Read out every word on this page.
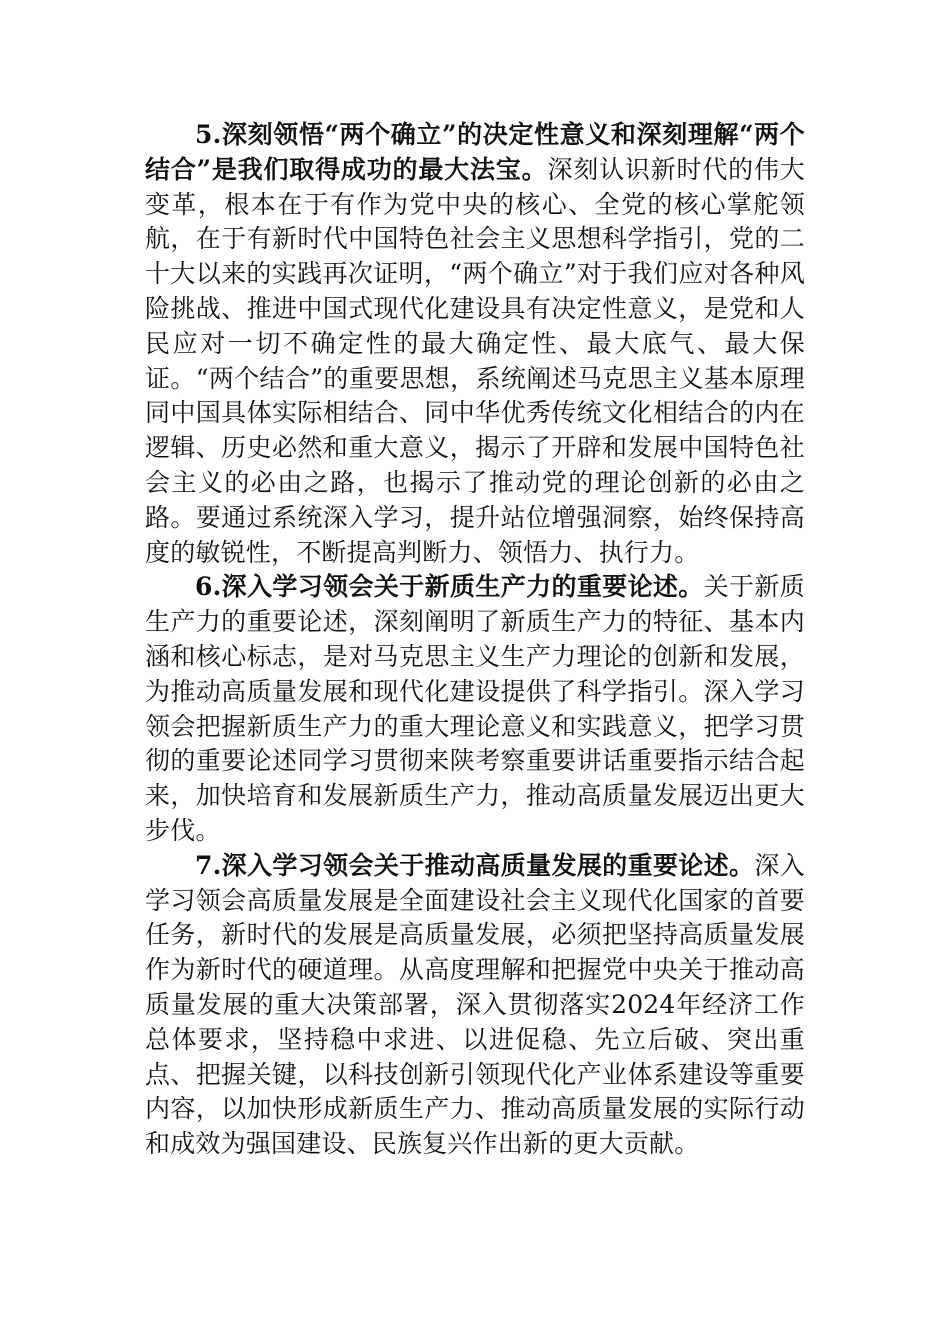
5.深刻领悟“两个确立”的决定性意义和深刻理解“两个结合”是我们取得成功的最大法宝。深刻认识新时代的伟大变革，根本在于有作为党中央的核心、全党的核心掌舵领航，在于有新时代中国特色社会主义思想科学指引，党的二十大以来的实践再次证明，“两个确立”对于我们应对各种风险挑战、推进中国式现代化建设具有决定性意义，是党和人民应对一切不确定性的最大确定性、最大底气、最大保证。“两个结合”的重要思想，系统阐述马克思主义基本原理同中国具体实际相结合、同中华优秀传统文化相结合的内在逻辑、历史必然和重大意义，揭示了开辟和发展中国特色社会主义的必由之路，也揭示了推动党的理论创新的必由之路。要通过系统深入学习，提升站位增强洞察，始终保持高度的敏锐性，不断提高判断力、领悟力、执行力。

6.深入学习领会关于新质生产力的重要论述。关于新质生产力的重要论述，深刻阐明了新质生产力的特征、基本内涵和核心标志，是对马克思主义生产力理论的创新和发展，为推动高质量发展和现代化建设提供了科学指引。深入学习领会把握新质生产力的重大理论意义和实践意义，把学习贯彻的重要论述同学习贯彻来陕考察重要讲话重要指示结合起来，加快培育和发展新质生产力，推动高质量发展迈出更大步伐。

7.深入学习领会关于推动高质量发展的重要论述。深入学习领会高质量发展是全面建设社会主义现代化国家的首要任务，新时代的发展是高质量发展，必须把坚持高质量发展作为新时代的硬道理。从高度理解和把握党中央关于推动高质量发展的重大决策部署，深入贯彻落实2024年经济工作总体要求，坚持稳中求进、以进促稳、先立后破、突出重点、把握关键，以科技创新引领现代化产业体系建设等重要内容，以加快形成新质生产力、推动高质量发展的实际行动和成效为强国建设、民族复兴作出新的更大贡献。
